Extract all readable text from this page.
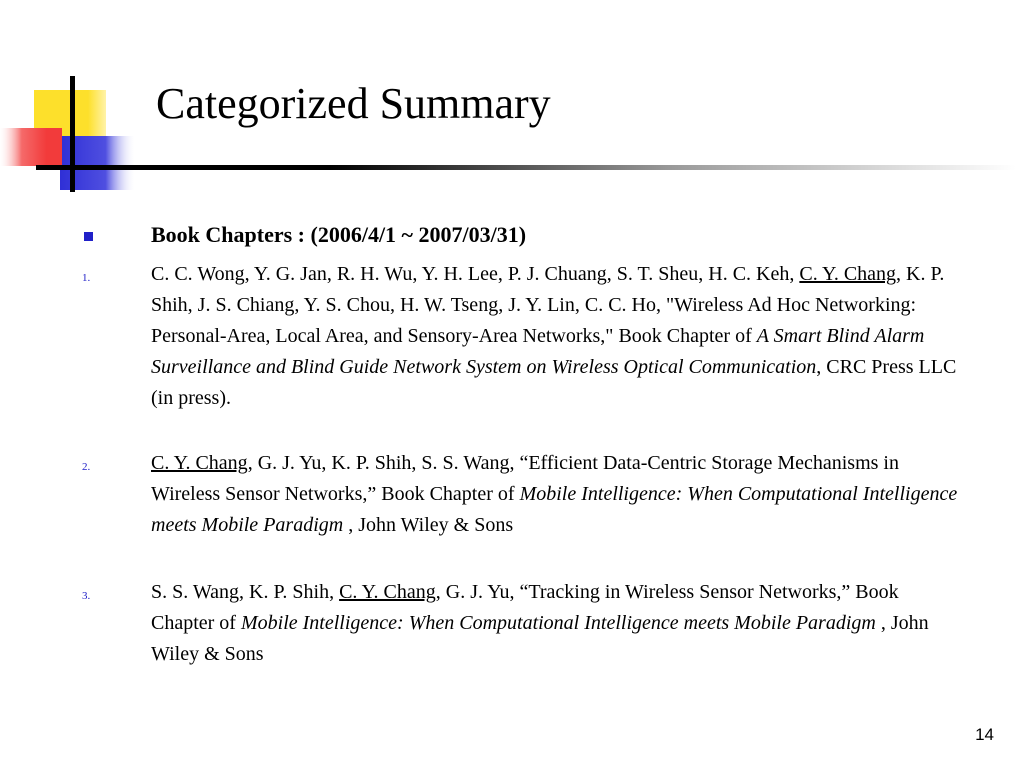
Categorized Summary
Book Chapters : (2006/4/1 ~ 2007/03/31)
1.	C. C. Wong, Y. G. Jan, R. H. Wu, Y. H. Lee, P. J. Chuang, S. T. Sheu, H. C. Keh, C. Y. Chang, K. P. Shih, J. S. Chiang, Y. S. Chou, H. W. Tseng, J. Y. Lin, C. C. Ho, "Wireless Ad Hoc Networking: Personal-Area, Local Area, and Sensory-Area Networks," Book Chapter of A Smart Blind Alarm Surveillance and Blind Guide Network System on Wireless Optical Communication, CRC Press LLC (in press).
2.	C. Y. Chang, G. J. Yu, K. P. Shih, S. S. Wang, “Efficient Data-Centric Storage Mechanisms in Wireless Sensor Networks,” Book Chapter of Mobile Intelligence: When Computational Intelligence meets Mobile Paradigm , John Wiley & Sons
3.	S. S. Wang, K. P. Shih, C. Y. Chang, G. J. Yu, “Tracking in Wireless Sensor Networks,” Book Chapter of Mobile Intelligence: When Computational Intelligence meets Mobile Paradigm , John Wiley & Sons
14
